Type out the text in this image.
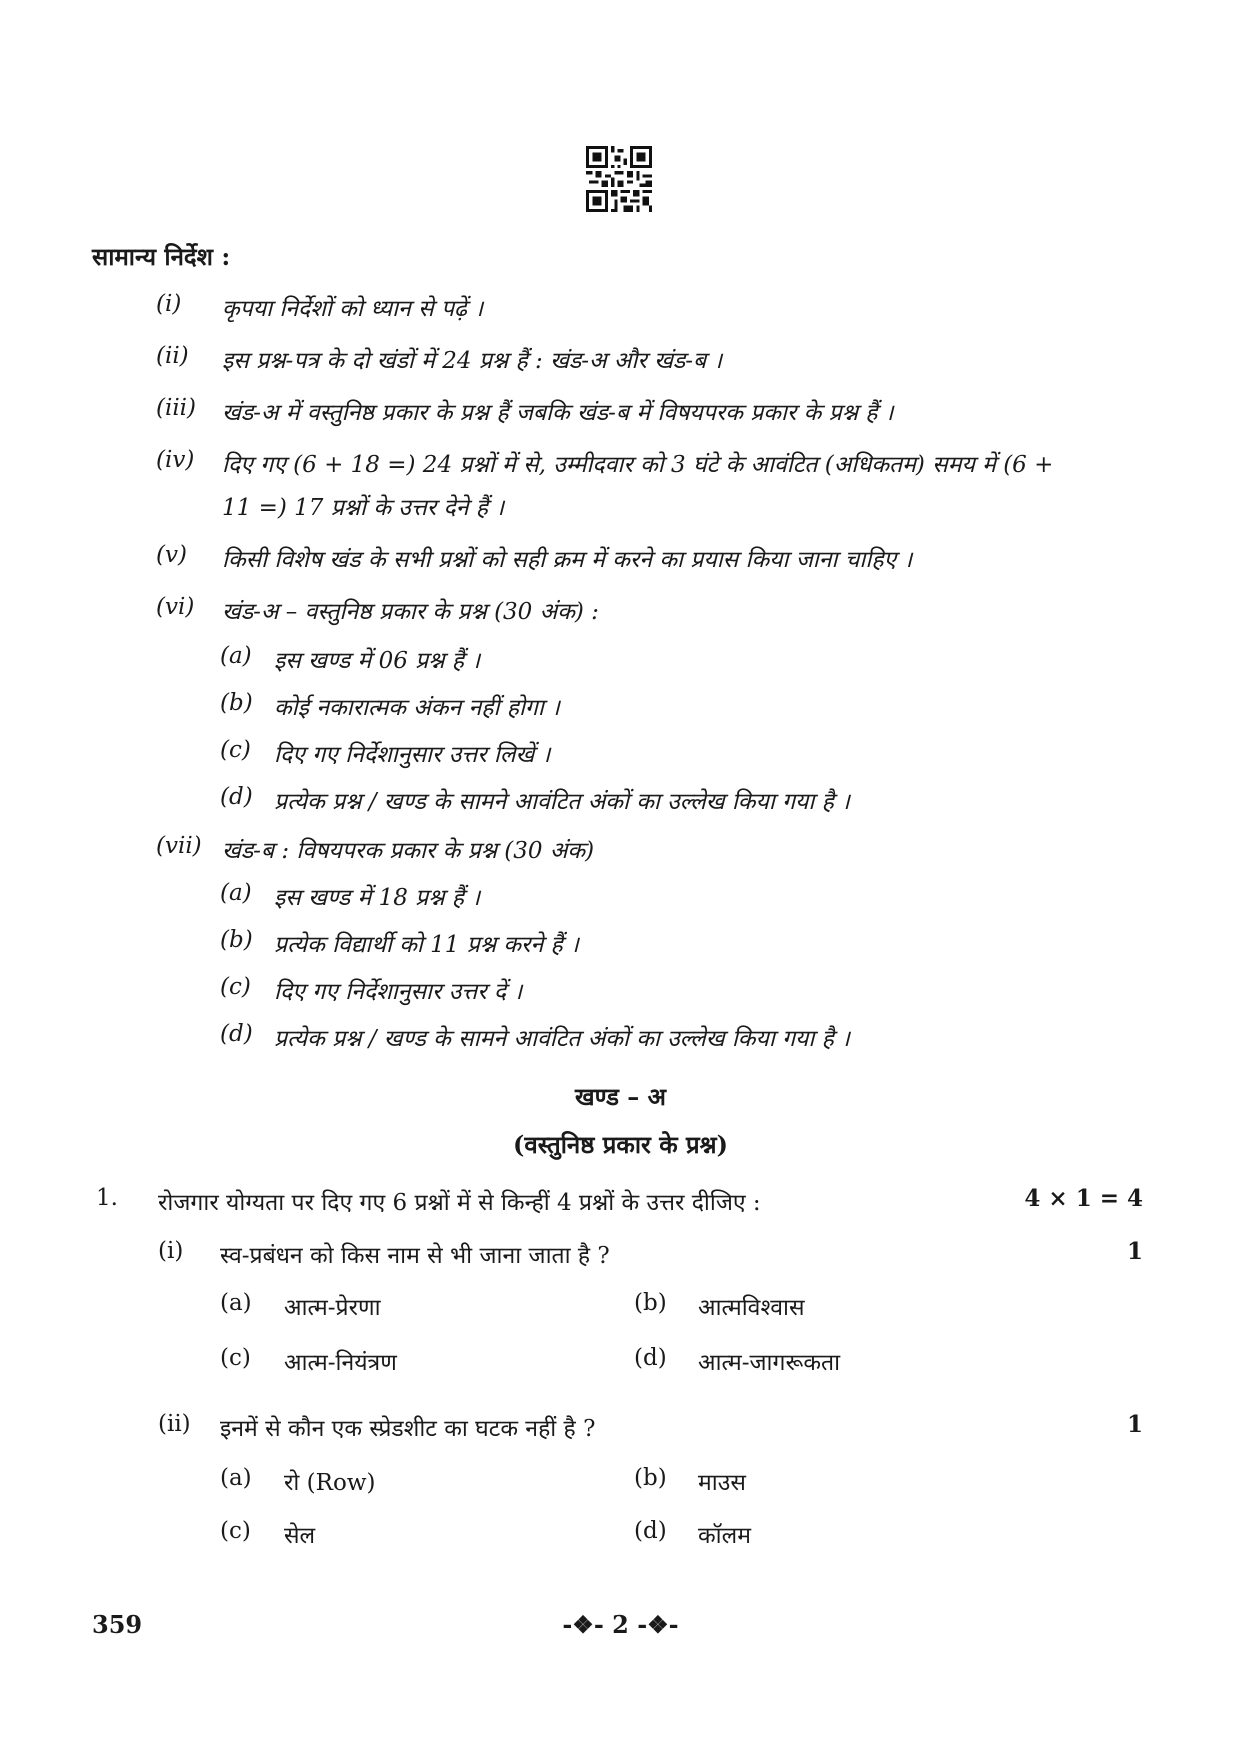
सामान्य निर्देश :
(i) कृपया निर्देशों को ध्यान से पढ़ें ।
(ii) इस प्रश्न-पत्र के दो खंडों में 24 प्रश्न हैं : खंड-अ और खंड-ब ।
(iii) खंड-अ में वस्तुनिष्ठ प्रकार के प्रश्न हैं जबकि खंड-ब में विषयपरक प्रकार के प्रश्न हैं ।
(iv) दिए गए (6 + 18 =) 24 प्रश्नों में से, उम्मीदवार को 3 घंटे के आवंटित (अधिकतम) समय में (6 +
11 =) 17 प्रश्नों के उत्तर देने हैं ।
(v) किसी विशेष खंड के सभी प्रश्नों को सही क्रम में करने का प्रयास किया जाना चाहिए ।
(vi) खंड-अ – वस्तुनिष्ठ प्रकार के प्रश्न (30 अंक) :
(a) इस खण्ड में 06 प्रश्न हैं ।
(b) कोई नकारात्मक अंकन नहीं होगा ।
(c) दिए गए निर्देशानुसार उत्तर लिखें ।
(d) प्रत्येक प्रश्न / खण्ड के सामने आवंटित अंकों का उल्लेख किया गया है ।
(vii) खंड-ब : विषयपरक प्रकार के प्रश्न (30 अंक)
(a) इस खण्ड में 18 प्रश्न हैं ।
(b) प्रत्येक विद्यार्थी को 11 प्रश्न करने हैं ।
(c) दिए गए निर्देशानुसार उत्तर दें ।
(d) प्रत्येक प्रश्न / खण्ड के सामने आवंटित अंकों का उल्लेख किया गया है ।
खण्ड – अ
(वस्तुनिष्ठ प्रकार के प्रश्न)
1. रोजगार योग्यता पर दिए गए 6 प्रश्नों में से किन्हीं 4 प्रश्नों के उत्तर दीजिए :	4 × 1 = 4
(i) स्व-प्रबंधन को किस नाम से भी जाना जाता है ?	1
(a) आत्म-प्रेरणा	(b) आत्मविश्वास
(c) आत्म-नियंत्रण	(d) आत्म-जागरूकता
(ii) इनमें से कौन एक स्प्रेडशीट का घटक नहीं है ?	1
(a) रो (Row)	(b) माउस
(c) सेल	(d) कॉलम
359	-❖- 2 -❖-
